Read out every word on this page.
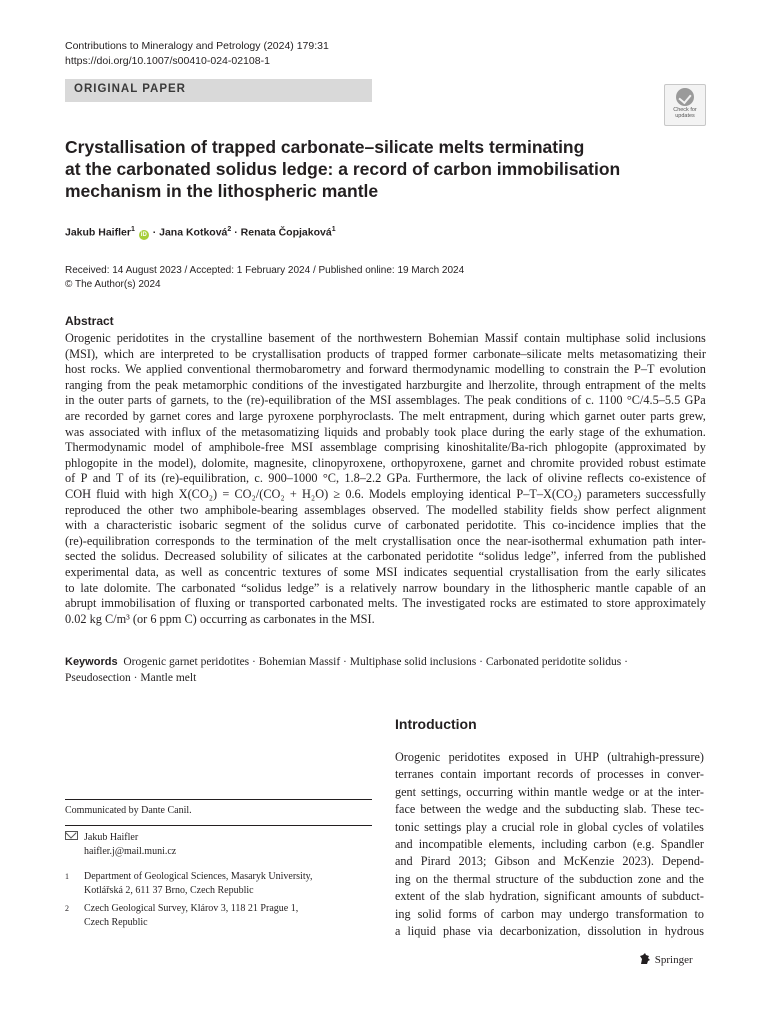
Contributions to Mineralogy and Petrology (2024) 179:31
https://doi.org/10.1007/s00410-024-02108-1
ORIGINAL PAPER
Check for
updates
Crystallisation of trapped carbonate–silicate melts terminating
at the carbonated solidus ledge: a record of carbon immobilisation
mechanism in the lithospheric mantle
Jakub Haifler$^1$ iD · Jana Kotková$^2$ · Renata Čopjaková$^1$
Received: 14 August 2023 / Accepted: 1 February 2024 / Published online: 19 March 2024
© The Author(s) 2024
Abstract
Orogenic peridotites in the crystalline basement of the northwestern Bohemian Massif contain multiphase solid inclusions
(MSI), which are interpreted to be crystallisation products of trapped former carbonate–silicate melts metasomatizing their
host rocks. We applied conventional thermobarometry and forward thermodynamic modelling to constrain the P–T evolution
ranging from the peak metamorphic conditions of the investigated harzburgite and lherzolite, through entrapment of the melts
in the outer parts of garnets, to the (re)-equilibration of the MSI assemblages. The peak conditions of c. 1100 °C/4.5–5.5 GPa
are recorded by garnet cores and large pyroxene porphyroclasts. The melt entrapment, during which garnet outer parts grew,
was associated with influx of the metasomatizing liquids and probably took place during the early stage of the exhumation.
Thermodynamic model of amphibole-free MSI assemblage comprising kinoshitalite/Ba-rich phlogopite (approximated by
phlogopite in the model), dolomite, magnesite, clinopyroxene, orthopyroxene, garnet and chromite provided robust estimate
of P and T of its (re)-equilibration, c. 900–1000 °C, 1.8–2.2 GPa. Furthermore, the lack of olivine reflects co-existence of
COH fluid with high X(CO₂) = CO₂/(CO₂ + H₂O) ≥ 0.6. Models employing identical P–T–X(CO₂) parameters successfully
reproduced the other two amphibole-bearing assemblages observed. The modelled stability fields show perfect alignment
with a characteristic isobaric segment of the solidus curve of carbonated peridotite. This co-incidence implies that the
(re)-equilibration corresponds to the termination of the melt crystallisation once the near-isothermal exhumation path inter-
sected the solidus. Decreased solubility of silicates at the carbonated peridotite “solidus ledge”, inferred from the published
experimental data, as well as concentric textures of some MSI indicates sequential crystallisation from the early silicates
to late dolomite. The carbonated “solidus ledge” is a relatively narrow boundary in the lithospheric mantle capable of an
abrupt immobilisation of fluxing or transported carbonated melts. The investigated rocks are estimated to store approximately
0.02 kg C/m³ (or 6 ppm C) occurring as carbonates in the MSI.
Keywords Orogenic garnet peridotites · Bohemian Massif · Multiphase solid inclusions · Carbonated peridotite solidus ·
Pseudosection · Mantle melt
Introduction
Orogenic peridotites exposed in UHP (ultrahigh-pressure)
terranes contain important records of processes in conver-
gent settings, occurring within mantle wedge or at the inter-
face between the wedge and the subducting slab. These tec-
tonic settings play a crucial role in global cycles of volatiles
and incompatible elements, including carbon (e.g. Spandler
and Pirard 2013; Gibson and McKenzie 2023). Depend-
ing on the thermal structure of the subduction zone and the
extent of the slab hydration, significant amounts of subduct-
ing solid forms of carbon may undergo transformation to
a liquid phase via decarbonization, dissolution in hydrous
Communicated by Dante Canil.
Jakub Haifler
haifler.j@mail.muni.cz
1 Department of Geological Sciences, Masaryk University,
Kotlářská 2, 611 37 Brno, Czech Republic
2 Czech Geological Survey, Klárov 3, 118 21 Prague 1,
Czech Republic
Springer
